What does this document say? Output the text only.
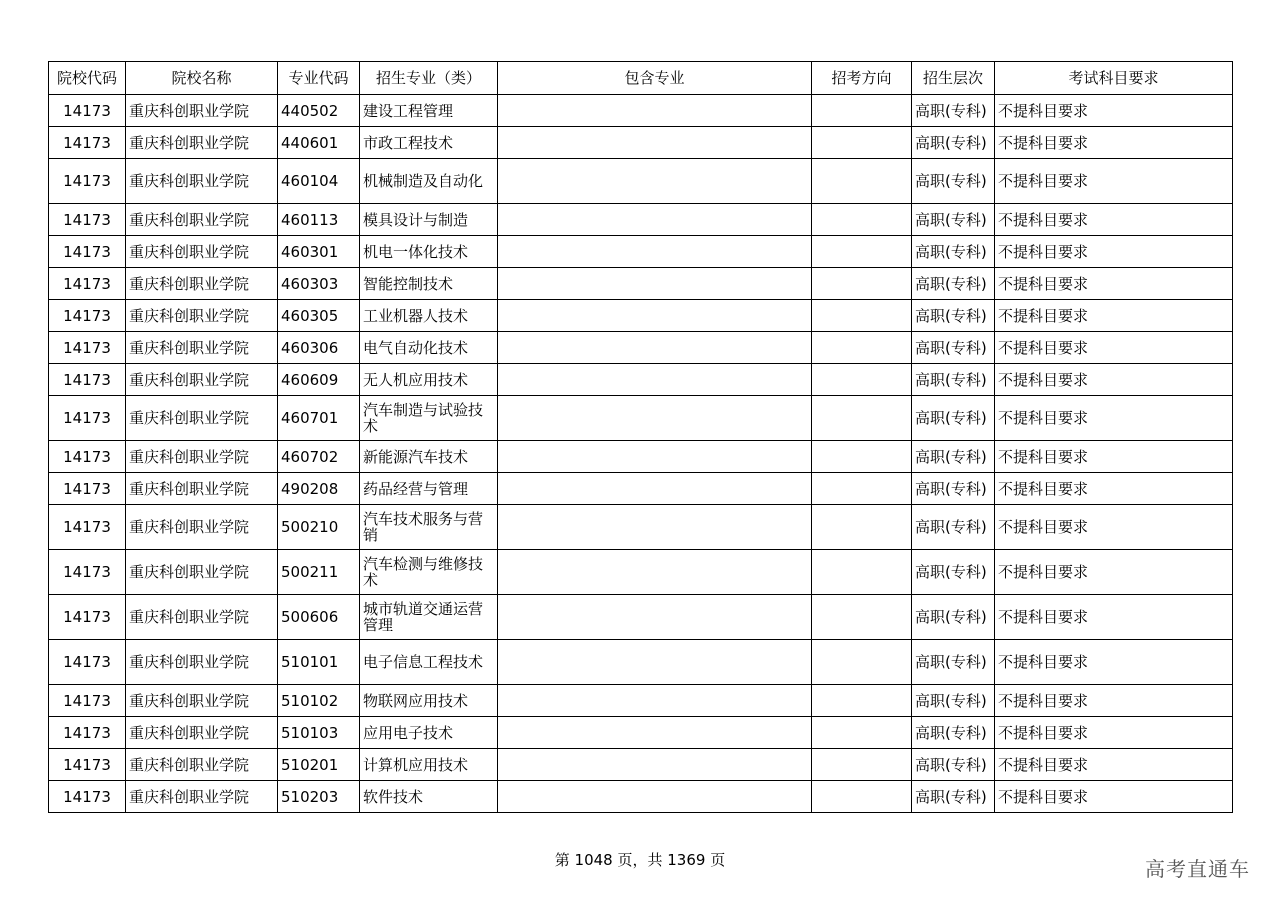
院校代码	院校名称	专业代码	招生专业（类）	包含专业	招考方向	招生层次	考试科目要求
14173	重庆科创职业学院	440502	建设工程管理			高职(专科)	不提科目要求
14173	重庆科创职业学院	440601	市政工程技术			高职(专科)	不提科目要求
14173	重庆科创职业学院	460104	机械制造及自动化			高职(专科)	不提科目要求
14173	重庆科创职业学院	460113	模具设计与制造			高职(专科)	不提科目要求
14173	重庆科创职业学院	460301	机电一体化技术			高职(专科)	不提科目要求
14173	重庆科创职业学院	460303	智能控制技术			高职(专科)	不提科目要求
14173	重庆科创职业学院	460305	工业机器人技术			高职(专科)	不提科目要求
14173	重庆科创职业学院	460306	电气自动化技术			高职(专科)	不提科目要求
14173	重庆科创职业学院	460609	无人机应用技术			高职(专科)	不提科目要求
14173	重庆科创职业学院	460701	汽车制造与试验技术			高职(专科)	不提科目要求
14173	重庆科创职业学院	460702	新能源汽车技术			高职(专科)	不提科目要求
14173	重庆科创职业学院	490208	药品经营与管理			高职(专科)	不提科目要求
14173	重庆科创职业学院	500210	汽车技术服务与营销			高职(专科)	不提科目要求
14173	重庆科创职业学院	500211	汽车检测与维修技术			高职(专科)	不提科目要求
14173	重庆科创职业学院	500606	城市轨道交通运营管理			高职(专科)	不提科目要求
14173	重庆科创职业学院	510101	电子信息工程技术			高职(专科)	不提科目要求
14173	重庆科创职业学院	510102	物联网应用技术			高职(专科)	不提科目要求
14173	重庆科创职业学院	510103	应用电子技术			高职(专科)	不提科目要求
14173	重庆科创职业学院	510201	计算机应用技术			高职(专科)	不提科目要求
14173	重庆科创职业学院	510203	软件技术			高职(专科)	不提科目要求
第 1048 页，共 1369 页	高考直通车
